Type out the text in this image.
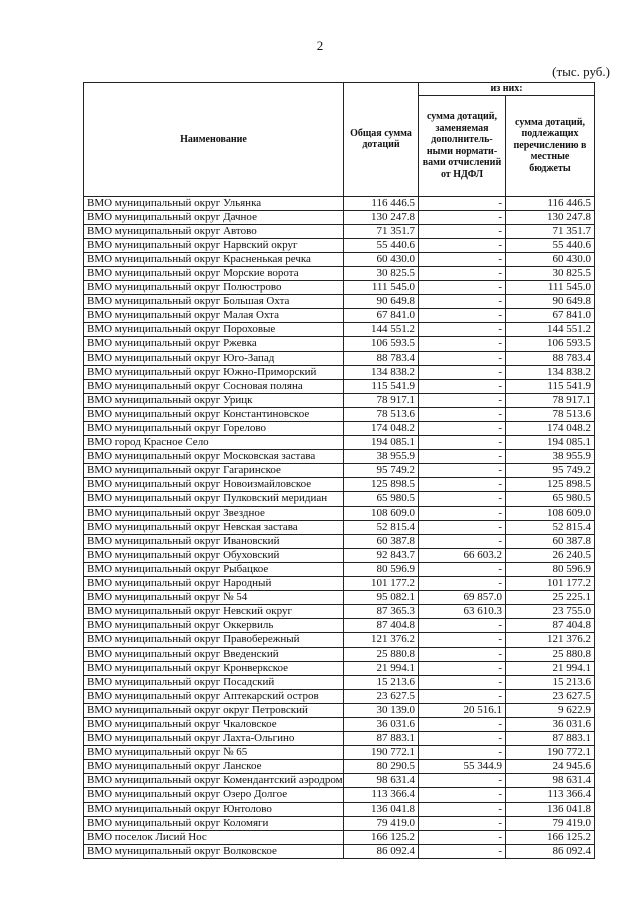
2
(тыс. руб.)
Наименование	Общая сумма дотаций	из них:	
		сумма дотаций, заменяемая дополнитель-ными нормати-вами отчислений от НДФЛ	сумма дотаций, подлежащих перечислению в местные бюджеты
ВМО муниципальный округ Ульянка	116 446.5	-	116 446.5
ВМО муниципальный округ Дачное	130 247.8	-	130 247.8
ВМО муниципальный округ Автово	71 351.7	-	71 351.7
ВМО муниципальный округ Нарвский округ	55 440.6	-	55 440.6
ВМО муниципальный округ Красненькая речка	60 430.0	-	60 430.0
ВМО муниципальный округ Морские ворота	30 825.5	-	30 825.5
ВМО муниципальный округ Полюстрово	111 545.0	-	111 545.0
ВМО муниципальный округ Большая Охта	90 649.8	-	90 649.8
ВМО муниципальный округ Малая Охта	67 841.0	-	67 841.0
ВМО муниципальный округ Пороховые	144 551.2	-	144 551.2
ВМО муниципальный округ Ржевка	106 593.5	-	106 593.5
ВМО муниципальный округ Юго-Запад	88 783.4	-	88 783.4
ВМО муниципальный округ Южно-Приморский	134 838.2	-	134 838.2
ВМО муниципальный округ Сосновая поляна	115 541.9	-	115 541.9
ВМО муниципальный округ Урицк	78 917.1	-	78 917.1
ВМО муниципальный округ Константиновское	78 513.6	-	78 513.6
ВМО муниципальный округ Горелово	174 048.2	-	174 048.2
ВМО город Красное Село	194 085.1	-	194 085.1
ВМО муниципальный округ Московская застава	38 955.9	-	38 955.9
ВМО муниципальный округ Гагаринское	95 749.2	-	95 749.2
ВМО муниципальный округ Новоизмайловское	125 898.5	-	125 898.5
ВМО муниципальный округ Пулковский меридиан	65 980.5	-	65 980.5
ВМО муниципальный округ Звездное	108 609.0	-	108 609.0
ВМО муниципальный округ Невская застава	52 815.4	-	52 815.4
ВМО муниципальный округ Ивановский	60 387.8	-	60 387.8
ВМО муниципальный округ Обуховский	92 843.7	66 603.2	26 240.5
ВМО муниципальный округ Рыбацкое	80 596.9	-	80 596.9
ВМО муниципальный округ Народный	101 177.2	-	101 177.2
ВМО муниципальный округ № 54	95 082.1	69 857.0	25 225.1
ВМО муниципальный округ Невский округ	87 365.3	63 610.3	23 755.0
ВМО муниципальный округ Оккервиль	87 404.8	-	87 404.8
ВМО муниципальный округ Правобережный	121 376.2	-	121 376.2
ВМО муниципальный округ Введенский	25 880.8	-	25 880.8
ВМО муниципальный округ Кронверкское	21 994.1	-	21 994.1
ВМО муниципальный округ Посадский	15 213.6	-	15 213.6
ВМО муниципальный округ Аптекарский остров	23 627.5	-	23 627.5
ВМО муниципальный округ округ Петровский	30 139.0	20 516.1	9 622.9
ВМО муниципальный округ Чкаловское	36 031.6	-	36 031.6
ВМО муниципальный округ Лахта-Ольгино	87 883.1	-	87 883.1
ВМО муниципальный округ № 65	190 772.1	-	190 772.1
ВМО муниципальный округ Ланское	80 290.5	55 344.9	24 945.6
ВМО муниципальный округ Комендантский аэродром	98 631.4	-	98 631.4
ВМО муниципальный округ Озеро Долгое	113 366.4	-	113 366.4
ВМО муниципальный округ Юнтолово	136 041.8	-	136 041.8
ВМО муниципальный округ Коломяги	79 419.0	-	79 419.0
ВМО поселок Лисий Нос	166 125.2	-	166 125.2
ВМО муниципальный округ Волковское	86 092.4	-	86 092.4
